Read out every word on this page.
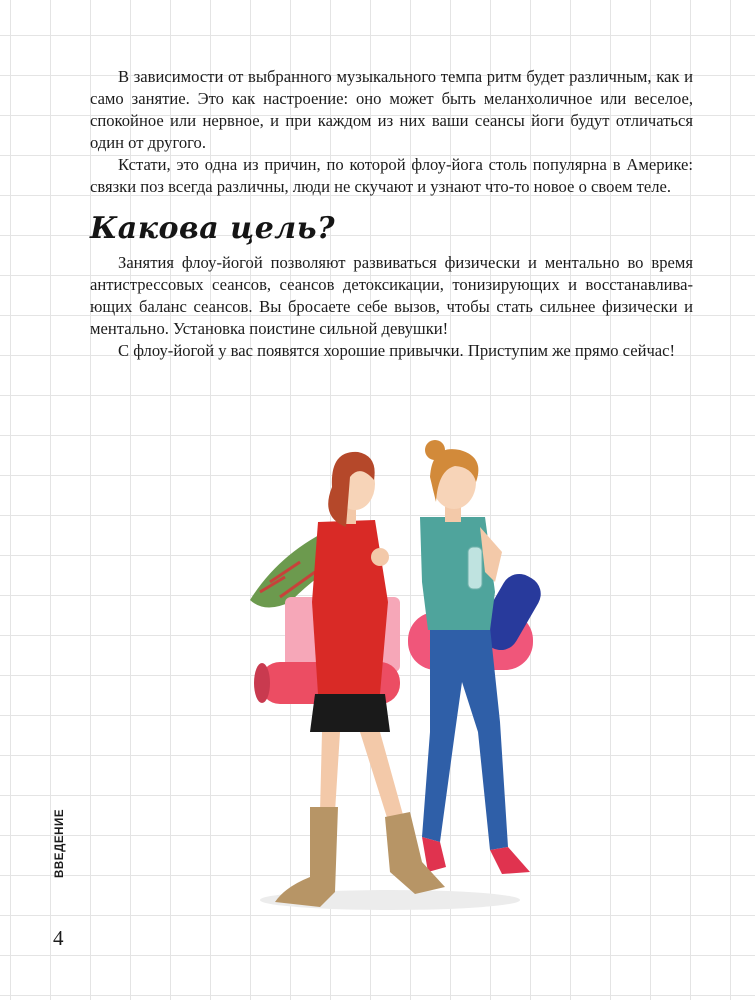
В зависимости от выбранного музыкального темпа ритм будет различным, как и само занятие. Это как настроение: оно может быть меланхоличное или веселое, спокойное или нервное, и при каждом из них ваши сеансы йоги будут отличаться один от другого.

Кстати, это одна из причин, по которой флоу-йога столь популярна в Америке: связки поз всегда различны, люди не скучают и узнают что-то новое о своем теле.

Какова цель?

Занятия флоу-йогой позволяют развиваться физически и ментально во время антистрессовых сеансов, сеансов детоксикации, тонизирующих и восстанавливающих баланс сеансов. Вы бросаете себе вызов, чтобы стать сильнее физически и ментально. Установка поистине сильной девушки!

С флоу-йогой у вас появятся хорошие привычки. Приступим же прямо сейчас!

ВВЕДЕНИЕ
4
